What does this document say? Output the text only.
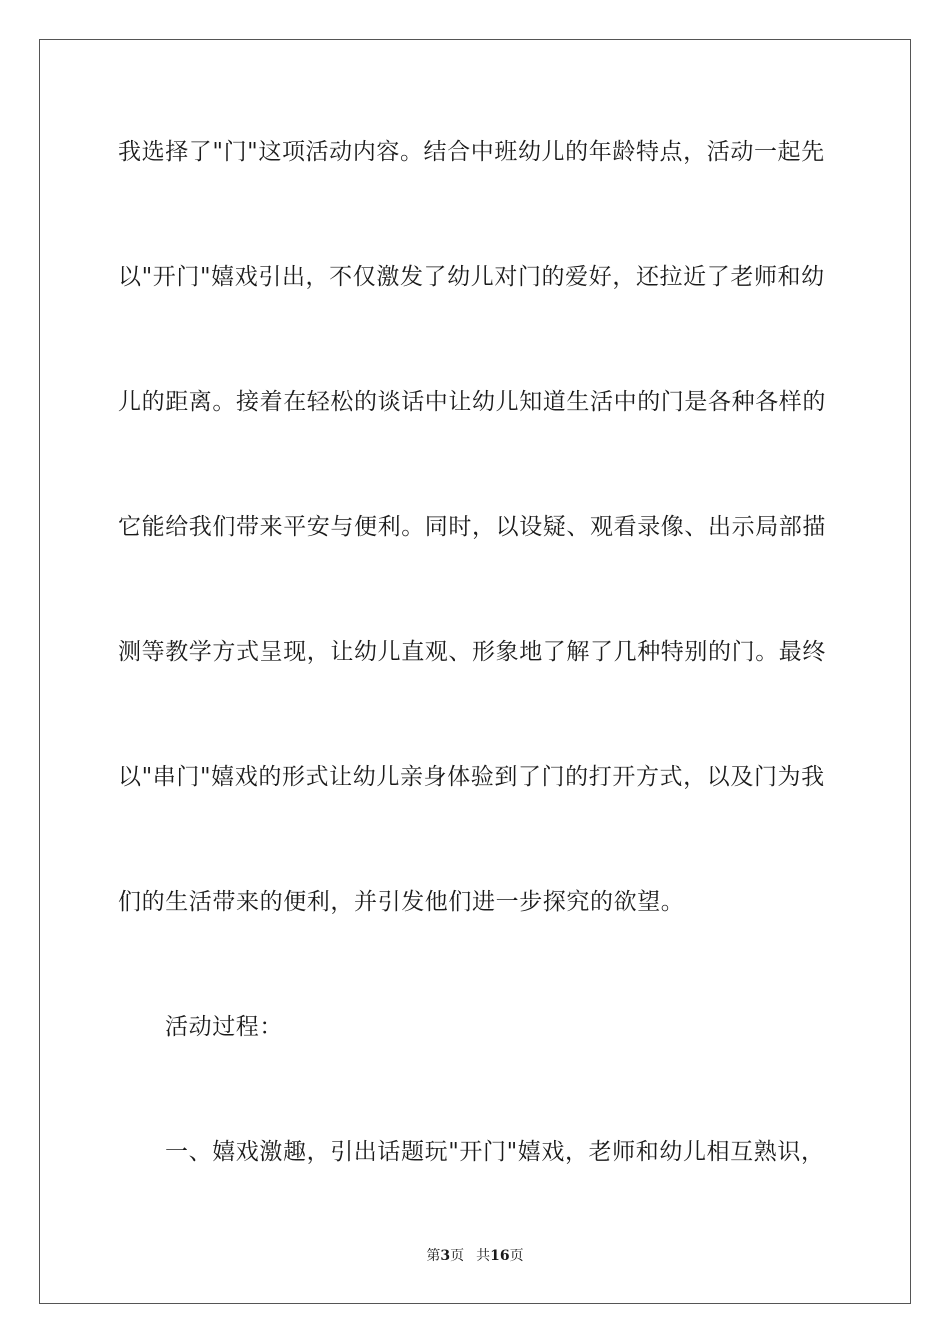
我选择了"门"这项活动内容。结合中班幼儿的年龄特点，活动一起先
以"开门"嬉戏引出，不仅激发了幼儿对门的爱好，还拉近了老师和幼
儿的距离。接着在轻松的谈话中让幼儿知道生活中的门是各种各样的
它能给我们带来平安与便利。同时，以设疑、观看录像、出示局部描
测等教学方式呈现，让幼儿直观、形象地了解了几种特别的门。最终
以"串门"嬉戏的形式让幼儿亲身体验到了门的打开方式，以及门为我
们的生活带来的便利，并引发他们进一步探究的欲望。
活动过程：
一、嬉戏激趣，引出话题玩"开门"嬉戏，老师和幼儿相互熟识，
第3页 共16页
